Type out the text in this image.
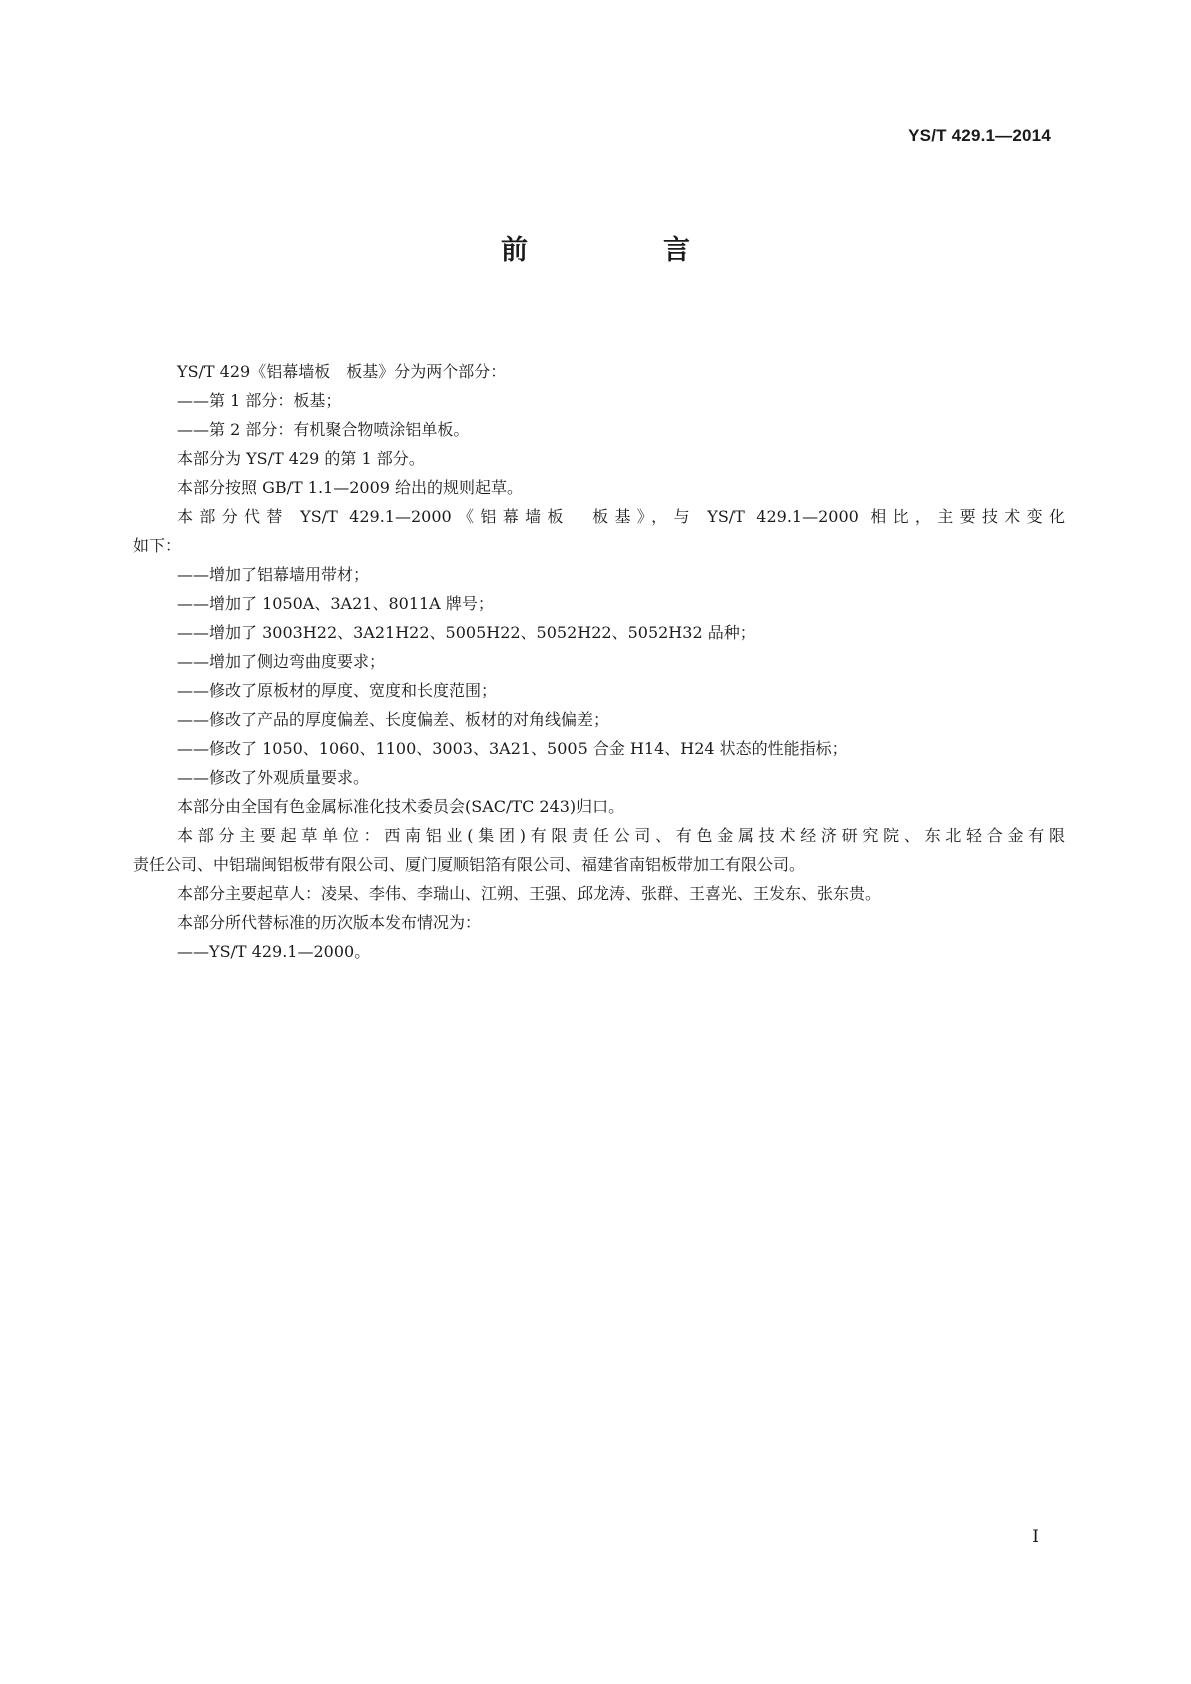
YS/T 429.1—2014
前　言
YS/T 429《铝幕墙板　板基》分为两个部分：
——第 1 部分：板基；
——第 2 部分：有机聚合物喷涂铝单板。
本部分为 YS/T 429 的第 1 部分。
本部分按照 GB/T 1.1—2009 给出的规则起草。
本部分代替 YS/T 429.1—2000《铝幕墙板　板基》，与 YS/T 429.1—2000 相比，主要技术变化
如下：
——增加了铝幕墙用带材；
——增加了 1050A、3A21、8011A 牌号；
——增加了 3003H22、3A21H22、5005H22、5052H22、5052H32 品种；
——增加了侧边弯曲度要求；
——修改了原板材的厚度、宽度和长度范围；
——修改了产品的厚度偏差、长度偏差、板材的对角线偏差；
——修改了 1050、1060、1100、3003、3A21、5005 合金 H14、H24 状态的性能指标；
——修改了外观质量要求。
本部分由全国有色金属标准化技术委员会(SAC/TC 243)归口。
本部分主要起草单位：西南铝业(集团)有限责任公司、有色金属技术经济研究院、东北轻合金有限
责任公司、中铝瑞闽铝板带有限公司、厦门厦顺铝箔有限公司、福建省南铝板带加工有限公司。
本部分主要起草人：凌杲、李伟、李瑞山、江朔、王强、邱龙涛、张群、王喜光、王发东、张东贵。
本部分所代替标准的历次版本发布情况为：
——YS/T 429.1—2000。
I
